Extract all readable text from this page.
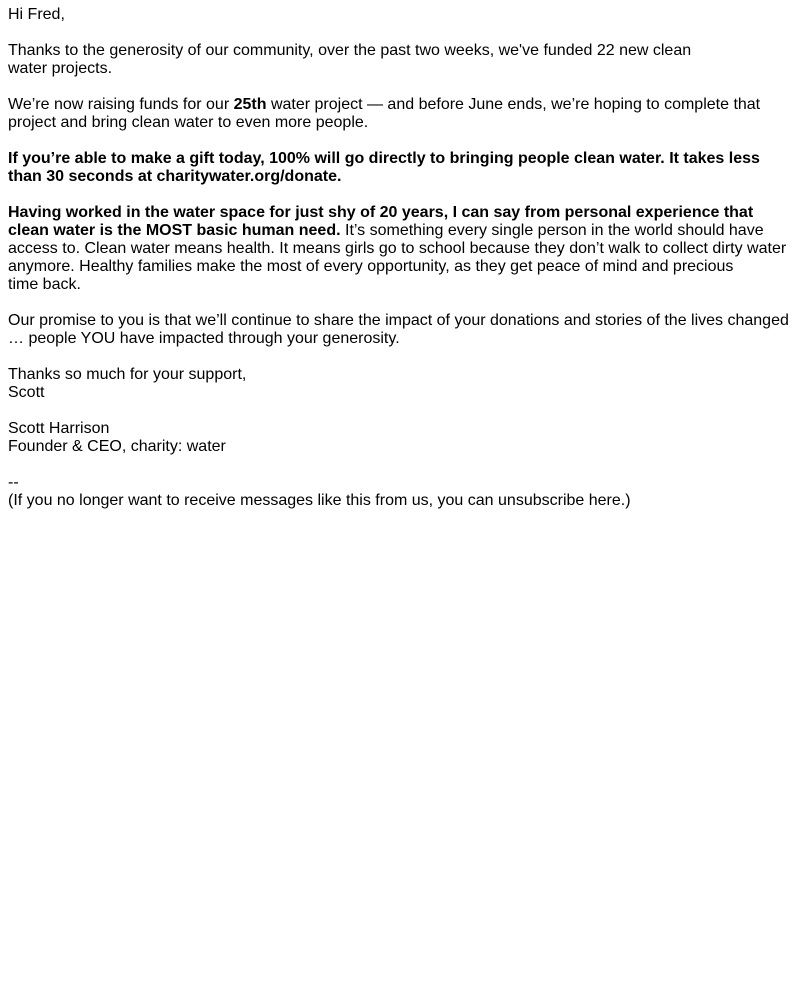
Hi Fred,
Thanks to the generosity of our community, over the past two weeks, we've funded 22 new clean
water projects.
We’re now raising funds for our 25th water project — and before June ends, we’re hoping to complete that
project and bring clean water to even more people.
If you’re able to make a gift today, 100% will go directly to bringing people clean water. It takes less
than 30 seconds at charitywater.org/donate.
Having worked in the water space for just shy of 20 years, I can say from personal experience that
clean water is the MOST basic human need. It’s something every single person in the world should have
access to. Clean water means health. It means girls go to school because they don’t walk to collect dirty water
anymore. Healthy families make the most of every opportunity, as they get peace of mind and precious
time back.
Our promise to you is that we’ll continue to share the impact of your donations and stories of the lives changed
… people YOU have impacted through your generosity.
Thanks so much for your support,
Scott
Scott Harrison
Founder & CEO, charity: water
--
(If you no longer want to receive messages like this from us, you can unsubscribe here.)
